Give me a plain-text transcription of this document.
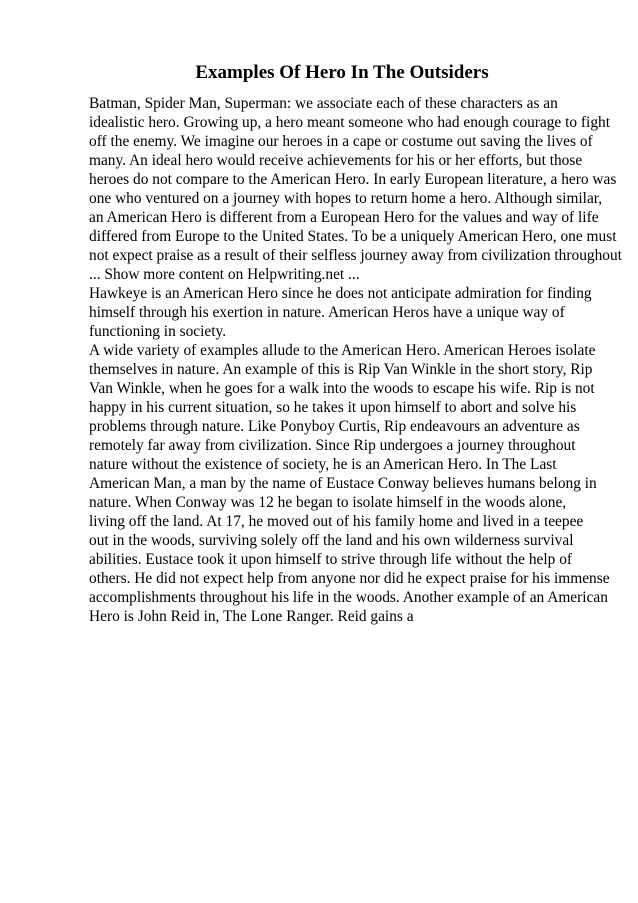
Examples Of Hero In The Outsiders
Batman, Spider Man, Superman: we associate each of these characters as an
idealistic hero. Growing up, a hero meant someone who had enough courage to fight
off the enemy. We imagine our heroes in a cape or costume out saving the lives of
many. An ideal hero would receive achievements for his or her efforts, but those
heroes do not compare to the American Hero. In early European literature, a hero was
one who ventured on a journey with hopes to return home a hero. Although similar,
an American Hero is different from a European Hero for the values and way of life
differed from Europe to the United States. To be a uniquely American Hero, one must
not expect praise as a result of their selfless journey away from civilization throughout
... Show more content on Helpwriting.net ...
Hawkeye is an American Hero since he does not anticipate admiration for finding
himself through his exertion in nature. American Heros have a unique way of
functioning in society.
A wide variety of examples allude to the American Hero. American Heroes isolate
themselves in nature. An example of this is Rip Van Winkle in the short story, Rip
Van Winkle, when he goes for a walk into the woods to escape his wife. Rip is not
happy in his current situation, so he takes it upon himself to abort and solve his
problems through nature. Like Ponyboy Curtis, Rip endeavours an adventure as
remotely far away from civilization. Since Rip undergoes a journey throughout
nature without the existence of society, he is an American Hero. In The Last
American Man, a man by the name of Eustace Conway believes humans belong in
nature. When Conway was 12 he began to isolate himself in the woods alone,
living off the land. At 17, he moved out of his family home and lived in a teepee
out in the woods, surviving solely off the land and his own wilderness survival
abilities. Eustace took it upon himself to strive through life without the help of
others. He did not expect help from anyone nor did he expect praise for his immense
accomplishments throughout his life in the woods. Another example of an American
Hero is John Reid in, The Lone Ranger. Reid gains a
